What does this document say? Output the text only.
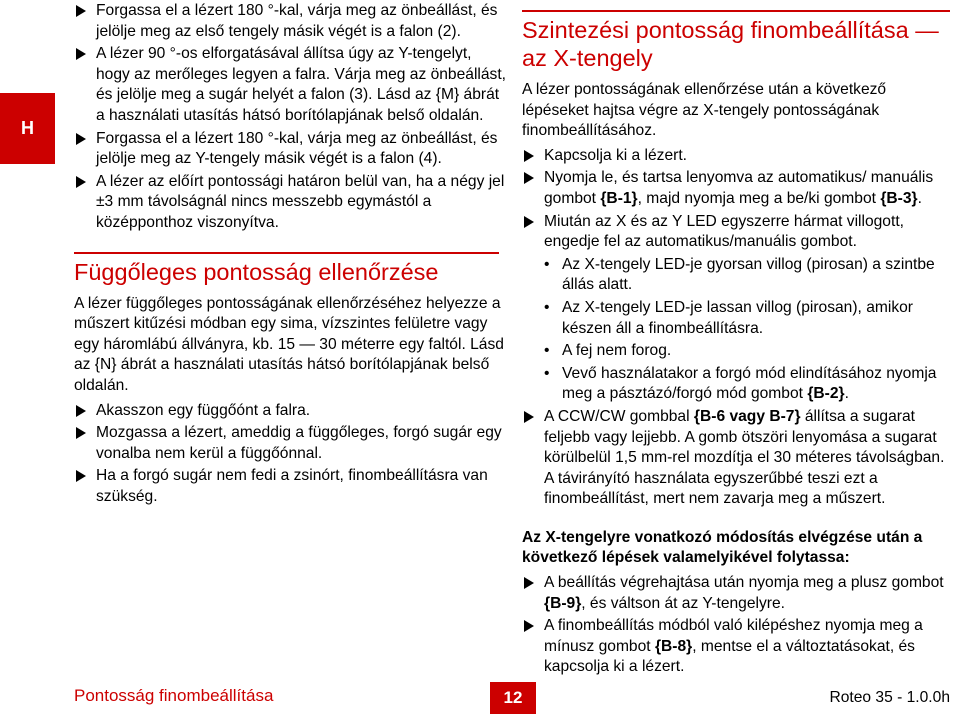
H
Forgassa el a lézert 180 °-kal, várja meg az önbeállást, és jelölje meg az első tengely másik végét is a falon (2).
A lézer 90 °-os elforgatásával állítsa úgy az Y-tengelyt, hogy az merőleges legyen a falra. Várja meg az önbeállást, és jelölje meg a sugár helyét a falon (3). Lásd az {M} ábrát a használati utasítás hátsó borítólapjának belső oldalán.
Forgassa el a lézert 180 °-kal, várja meg az önbeállást, és jelölje meg az Y-tengely másik végét is a falon (4).
A lézer az előírt pontossági határon belül van, ha a négy jel ±3 mm távolságnál nincs messzebb egymástól a középponthoz viszonyítva.
Függőleges pontosság ellenőrzése
A lézer függőleges pontosságának ellenőrzéséhez helyezze a műszert kitűzési módban egy sima, vízszintes felületre vagy egy háromlábú állványra, kb. 15 — 30 méterre egy faltól. Lásd az {N} ábrát a használati utasítás hátsó borítólapjának belső oldalán.
Akasszon egy függőónt a falra.
Mozgassa a lézert, ameddig a függőleges, forgó sugár egy vonalba nem kerül a függőónnal.
Ha a forgó sugár nem fedi a zsinórt, finombeállításra van szükség.
Szintezési pontosság finombeállítása — az X-tengely
A lézer pontosságának ellenőrzése után a következő lépéseket hajtsa végre az X-tengely pontosságának finombeállításához.
Kapcsolja ki a lézert.
Nyomja le, és tartsa lenyomva az automatikus/ manuális gombot {B-1}, majd nyomja meg a be/ki gombot {B-3}.
Miután az X és az Y LED egyszerre hármat villogott, engedje fel az automatikus/manuális gombot.
• Az X-tengely LED-je gyorsan villog (pirosan) a szintbe állás alatt.
• Az X-tengely LED-je lassan villog (pirosan), amikor készen áll a finombeállításra.
• A fej nem forog.
• Vevő használatakor a forgó mód elindításához nyomja meg a pásztázó/forgó mód gombot {B-2}.
A CCW/CW gombbal {B-6 vagy B-7} állítsa a sugarat feljebb vagy lejjebb. A gomb ötszöri lenyomása a sugarat körülbelül 1,5 mm-rel mozdítja el 30 méteres távolságban. A távirányító használata egyszerűbbé teszi ezt a finombeállítást, mert nem zavarja meg a műszert.
Az X-tengelyre vonatkozó módosítás elvégzése után a következő lépések valamelyikével folytassa:
A beállítás végrehajtása után nyomja meg a plusz gombot {B-9}, és váltson át az Y-tengelyre.
A finombeállítás módból való kilépéshez nyomja meg a mínusz gombot {B-8}, mentse el a változtatásokat, és kapcsolja ki a lézert.
Pontosság finombeállítása	12	Roteo 35 - 1.0.0h
